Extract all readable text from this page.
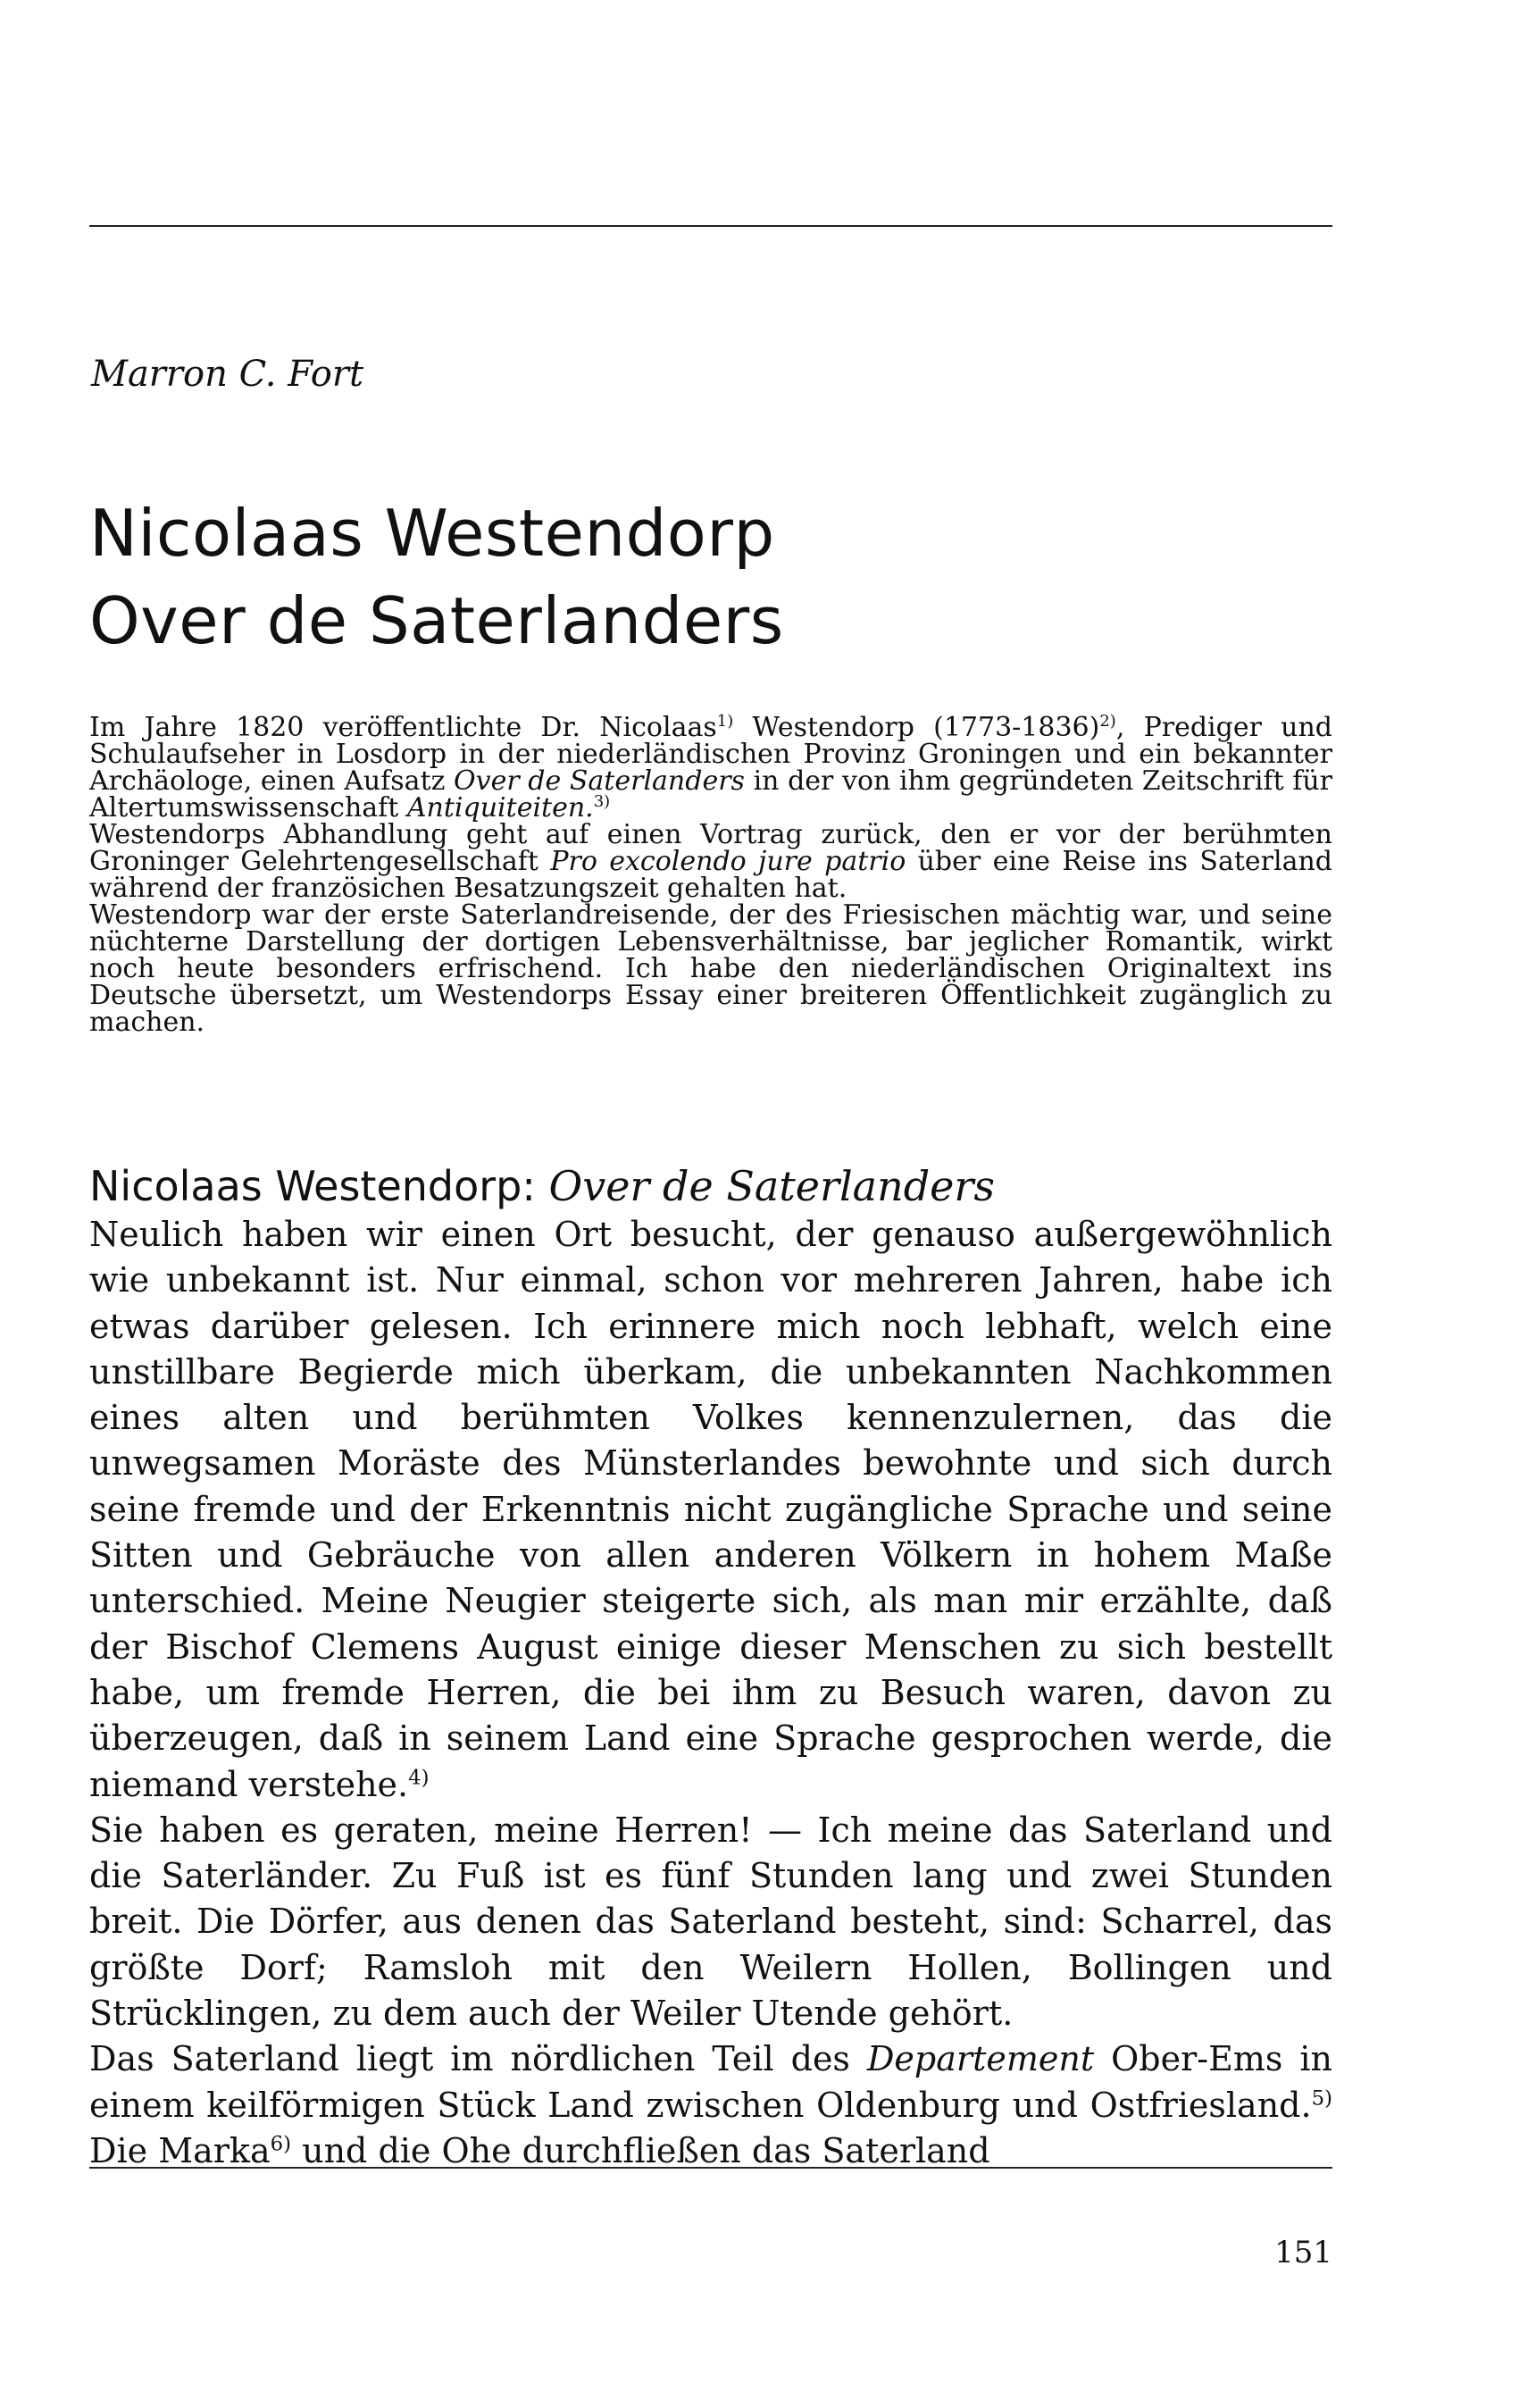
Marron C. Fort

Nicolaas Westendorp
Over de Saterlanders

Im Jahre 1820 veröffentlichte Dr. Nicolaas$^{1)}$ Westendorp (1773-1836)$^{2)}$, Prediger und Schulaufseher in Losdorp in der niederländischen Provinz Groningen und ein bekannter Archäologe, einen Aufsatz Over de Saterlanders in der von ihm gegründeten Zeitschrift für Altertumswissenschaft Antiquiteiten.$^{3)}$

Westendorps Abhandlung geht auf einen Vortrag zurück, den er vor der berühmten Groninger Gelehrtengesellschaft Pro excolendo jure patrio über eine Reise ins Saterland während der französichen Besatzungszeit gehalten hat.

Westendorp war der erste Saterlandreisende, der des Friesischen mächtig war, und seine nüchterne Darstellung der dortigen Lebensverhältnisse, bar jeglicher Romantik, wirkt noch heute besonders erfrischend. Ich habe den niederländischen Originaltext ins Deutsche übersetzt, um Westendorps Essay einer breiteren Öffentlichkeit zugänglich zu machen.

Nicolaas Westendorp: Over de Saterlanders

Neulich haben wir einen Ort besucht, der genauso außergewöhnlich wie unbekannt ist. Nur einmal, schon vor mehreren Jahren, habe ich etwas darüber gelesen. Ich erinnere mich noch lebhaft, welch eine unstillbare Begierde mich überkam, die unbekannten Nachkommen eines alten und berühmten Volkes kennenzulernen, das die unwegsamen Moräste des Münsterlandes bewohnte und sich durch seine fremde und der Erkenntnis nicht zugängliche Sprache und seine Sitten und Gebräuche von allen anderen Völkern in hohem Maße unterschied. Meine Neugier steigerte sich, als man mir erzählte, daß der Bischof Clemens August einige dieser Menschen zu sich bestellt habe, um fremde Herren, die bei ihm zu Besuch waren, davon zu überzeugen, daß in seinem Land eine Sprache gesprochen werde, die niemand verstehe.$^{4)}$

Sie haben es geraten, meine Herren! — Ich meine das Saterland und die Saterländer. Zu Fuß ist es fünf Stunden lang und zwei Stunden breit. Die Dörfer, aus denen das Saterland besteht, sind: Scharrel, das größte Dorf; Ramsloh mit den Weilern Hollen, Bollingen und Strücklingen, zu dem auch der Weiler Utende gehört.

Das Saterland liegt im nördlichen Teil des Departement Ober-Ems in einem keilförmigen Stück Land zwischen Oldenburg und Ostfriesland.$^{5)}$ Die Marka$^{6)}$ und die Ohe durchfließen das Saterland

151
